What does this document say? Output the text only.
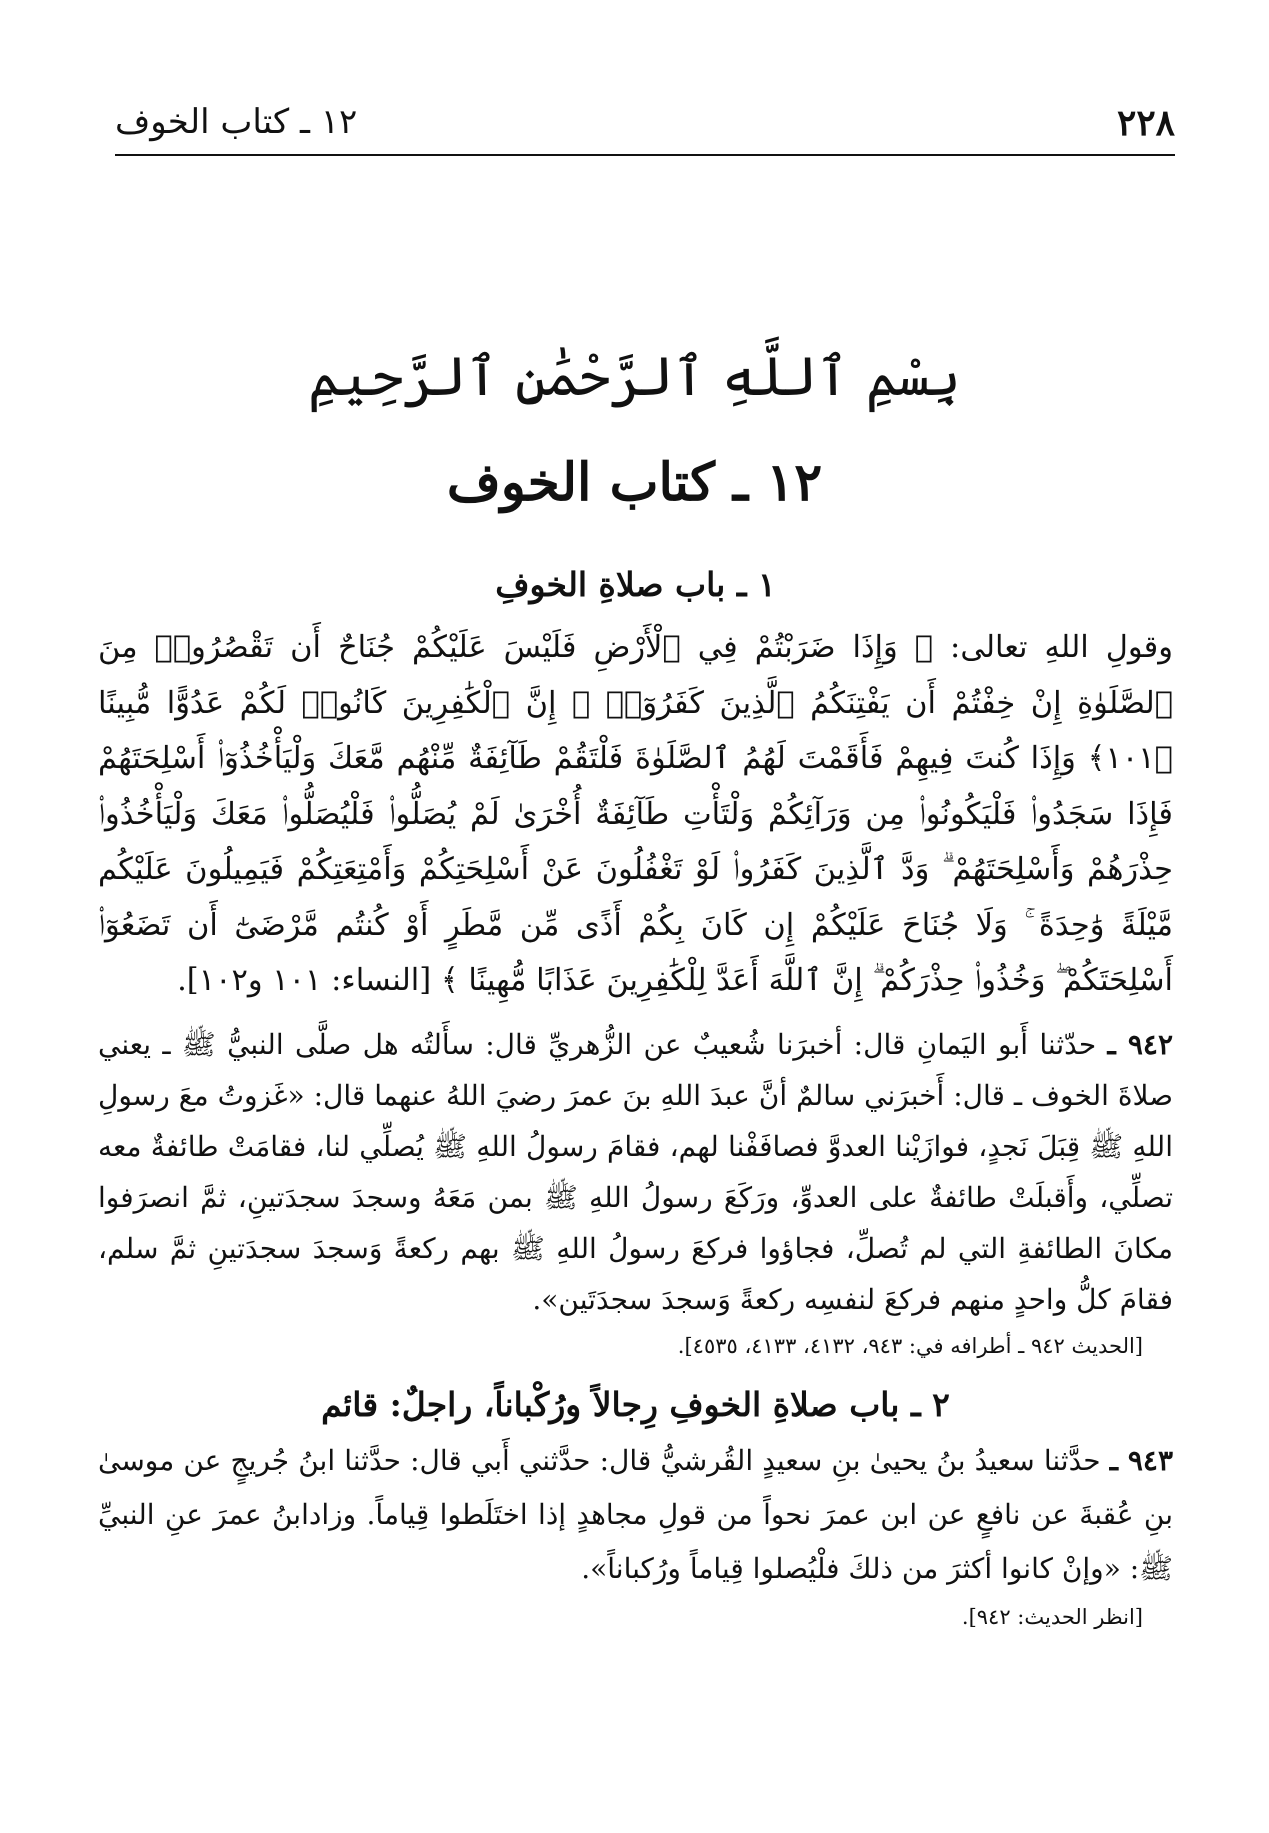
٢٢٨
١٢ ـ كتاب الخوف
بِسْمِ ٱللَّهِ ٱلرَّحْمَٰنِ ٱلرَّحِيمِ
١٢ ـ كتاب الخوف
١ ـ باب صلاةِ الخوفِ

وقولِ اللهِ تعالى: ﴿ وَإِذَا ضَرَبْتُمْ فِي ٱلْأَرْضِ فَلَيْسَ عَلَيْكُمْ جُنَاحٌ أَن تَقْصُرُوا۟ مِنَ ٱلصَّلَوٰةِ إِنْ خِفْتُمْ أَن يَفْتِنَكُمُ ٱلَّذِينَ كَفَرُوٓا۟ ۚ إِنَّ ٱلْكَٰفِرِينَ كَانُوا۟ لَكُمْ عَدُوًّا مُّبِينًا ﴿١٠١﴾ وَإِذَا كُنتَ فِيهِمْ فَأَقَمْتَ لَهُمُ ٱلصَّلَوٰةَ فَلْتَقُمْ طَآئِفَةٌ مِّنْهُم مَّعَكَ وَلْيَأْخُذُوٓا۟ أَسْلِحَتَهُمْ فَإِذَا سَجَدُوا۟ فَلْيَكُونُوا۟ مِن وَرَآئِكُمْ وَلْتَأْتِ طَآئِفَةٌ أُخْرَىٰ لَمْ يُصَلُّوا۟ فَلْيُصَلُّوا۟ مَعَكَ وَلْيَأْخُذُوا۟ حِذْرَهُمْ وَأَسْلِحَتَهُمْ ۗ وَدَّ ٱلَّذِينَ كَفَرُوا۟ لَوْ تَغْفُلُونَ عَنْ أَسْلِحَتِكُمْ وَأَمْتِعَتِكُمْ فَيَمِيلُونَ عَلَيْكُم مَّيْلَةً وَٰحِدَةً ۚ وَلَا جُنَاحَ عَلَيْكُمْ إِن كَانَ بِكُمْ أَذًى مِّن مَّطَرٍ أَوْ كُنتُم مَّرْضَىٰٓ أَن تَضَعُوٓا۟ أَسْلِحَتَكُمْ ۖ وَخُذُوا۟ حِذْرَكُمْ ۗ إِنَّ ٱللَّهَ أَعَدَّ لِلْكَٰفِرِينَ عَذَابًا مُّهِينًا ﴾ [النساء: ١٠١ و١٠٢].

٩٤٢ ـ حدّثنا أَبو اليَمانِ قال: أخبرَنا شُعيبٌ عن الزُّهريِّ قال: سأَلتُه هل صلَّى النبيُّ ﷺ ـ يعني صلاةَ الخوف ـ قال: أَخبرَني سالمٌ أنَّ عبدَ اللهِ بنَ عمرَ رضيَ اللهُ عنهما قال: «غَزوتُ معَ رسولِ اللهِ ﷺ قِبَلَ نَجدٍ، فوازَيْنا العدوَّ فصافَفْنا لهم، فقامَ رسولُ اللهِ ﷺ يُصلِّي لنا، فقامَتْ طائفةٌ معه تصلِّي، وأَقبلَتْ طائفةٌ على العدوِّ، ورَكَعَ رسولُ اللهِ ﷺ بمن مَعَهُ وسجدَ سجدَتينِ، ثمَّ انصرَفوا مكانَ الطائفةِ التي لم تُصلِّ، فجاؤوا فركعَ رسولُ اللهِ ﷺ بهم ركعةً وَسجدَ سجدَتينِ ثمَّ سلم، فقامَ كلُّ واحدٍ منهم فركعَ لنفسِه ركعةً وَسجدَ سجدَتَين».

[الحديث ٩٤٢ ـ أطرافه في: ٩٤٣، ٤١٣٢، ٤١٣٣، ٤٥٣٥].
٢ ـ باب صلاةِ الخوفِ رِجالاً ورُكْباناً، راجلٌ: قائم

٩٤٣ ـ حدَّثنا سعيدُ بنُ يحيىٰ بنِ سعيدٍ القُرشيُّ قال: حدَّثني أَبي قال: حدَّثنا ابنُ جُريجٍ عن موسىٰ بنِ عُقبةَ عن نافعٍ عن ابن عمرَ نحواً من قولِ مجاهدٍ إذا اختَلَطوا قِياماً. وزادابنُ عمرَ عنِ النبيِّ ﷺ: «وإنْ كانوا أكثرَ من ذلكَ فلْيُصلوا قِياماً ورُكباناً».

[انظر الحديث: ٩٤٢].
